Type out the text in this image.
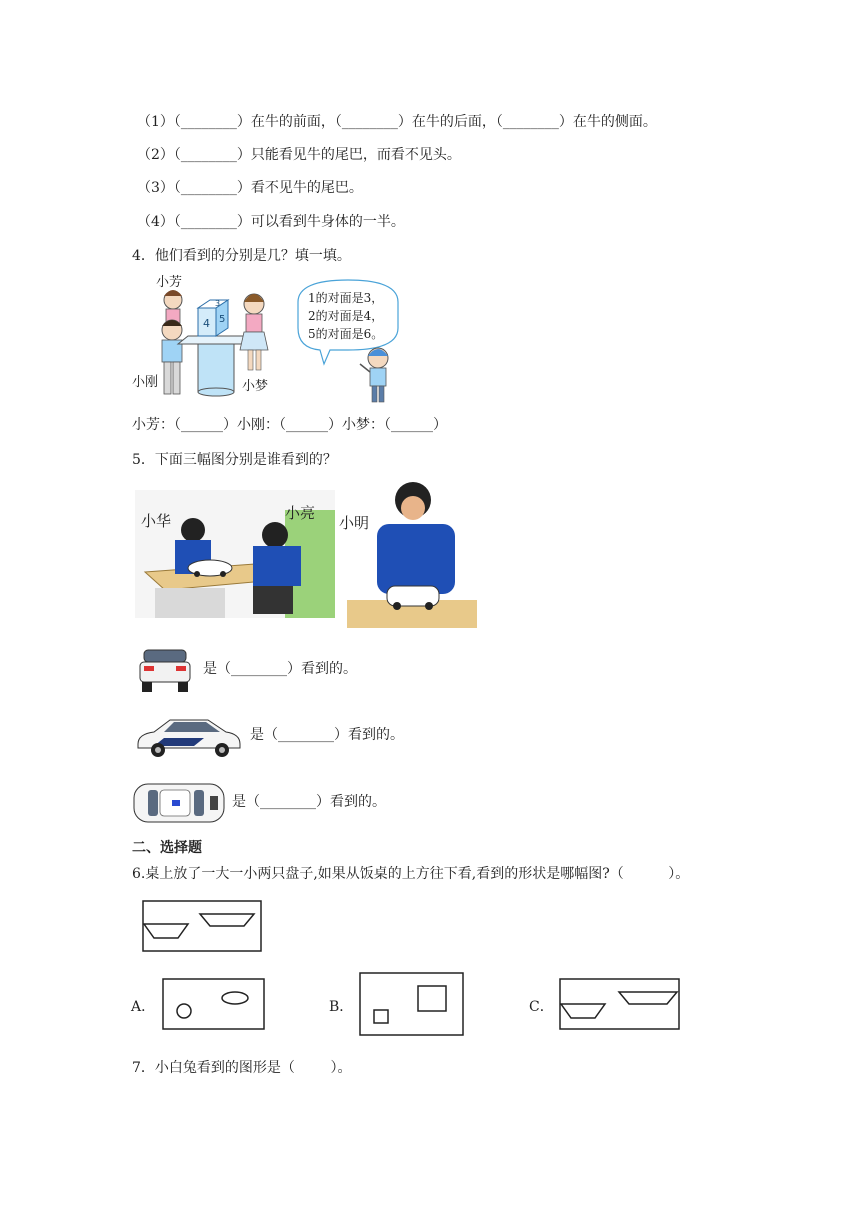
（1）（________）在牛的前面，（________）在牛的后面，（________）在牛的侧面。
（2）（________）只能看见牛的尾巴，而看不见头。
（3）（________）看不见牛的尾巴。
（4）（________）可以看到牛身体的一半。
4．他们看到的分别是几？填一填。
3
4 5
小芳
小刚	小梦
1的对面是3，
2的对面是4，
5的对面是6。
小芳：（______）小刚：（______）小梦：（______）
5．下面三幅图分别是谁看到的？
小华	小亮
小明
是（________）看到的。
是（________）看到的。
是（________）看到的。
二、选择题
6.桌上放了一大一小两只盘子,如果从饭桌的上方往下看,看到的形状是哪幅图?（          ）。
A．	B．	C．
7．小白兔看到的图形是（        ）。
